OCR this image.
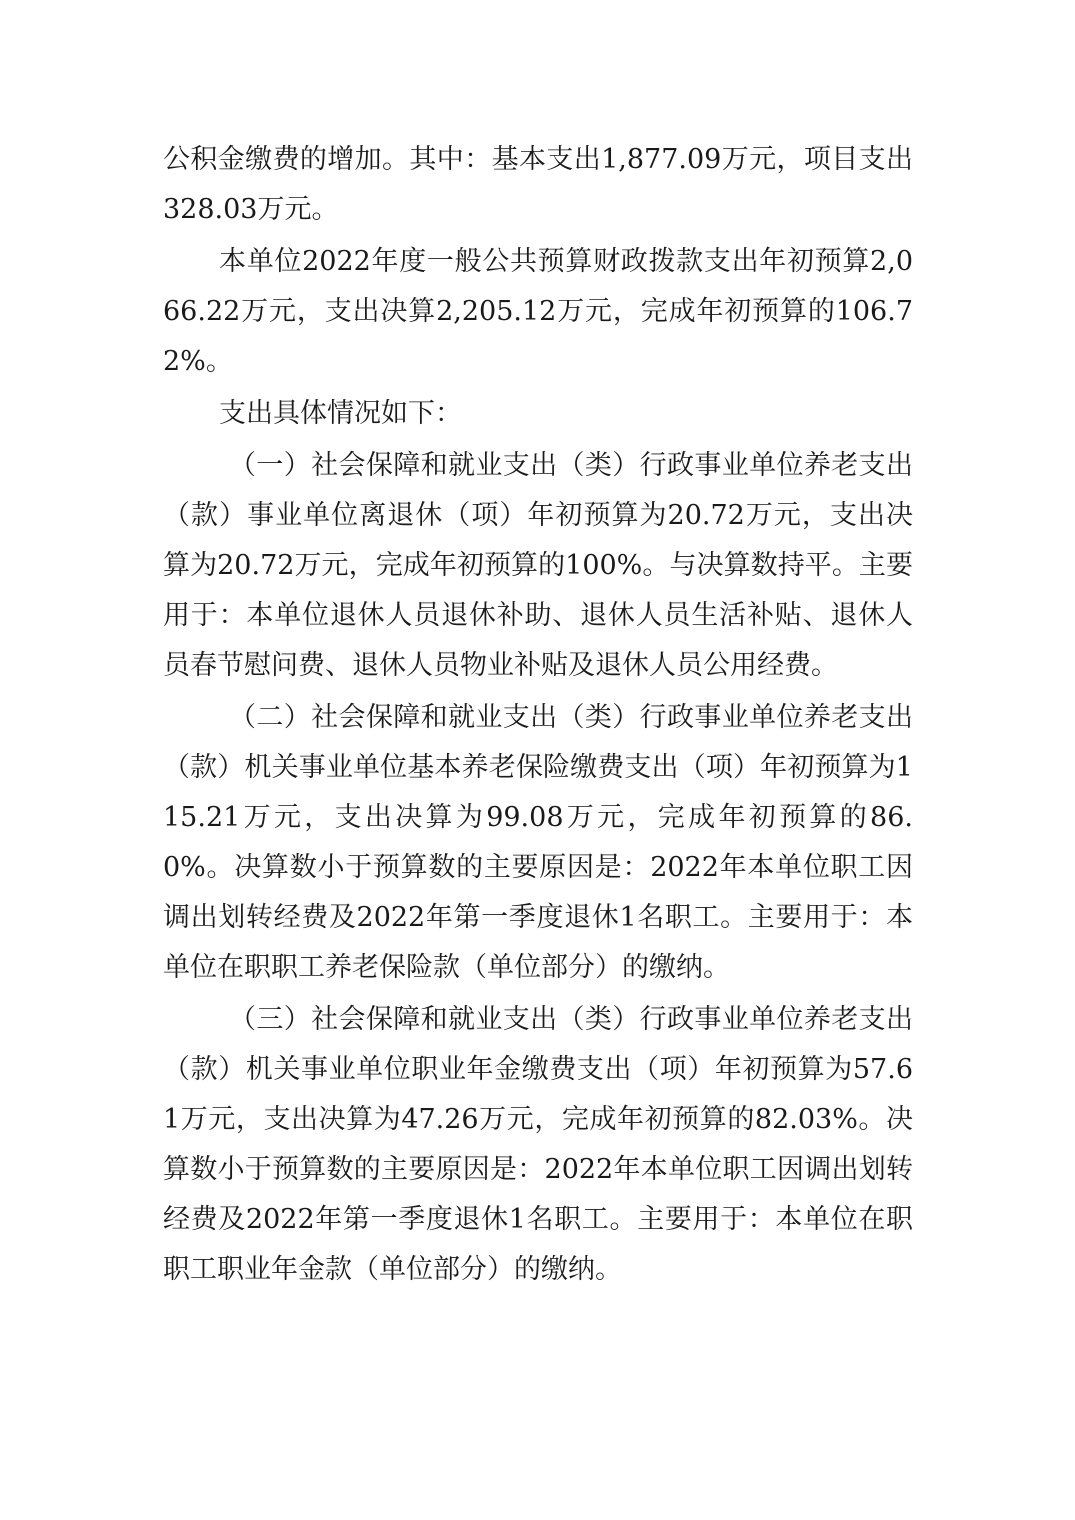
公积金缴费的增加。其中：基本支出1,877.09万元，项目支出328.03万元。

本单位2022年度一般公共预算财政拨款支出年初预算2,066.22万元，支出决算2,205.12万元，完成年初预算的106.72%。

支出具体情况如下：

（一）社会保障和就业支出（类）行政事业单位养老支出（款）事业单位离退休（项）年初预算为20.72万元，支出决算为20.72万元，完成年初预算的100%。与决算数持平。主要用于：本单位退休人员退休补助、退休人员生活补贴、退休人员春节慰问费、退休人员物业补贴及退休人员公用经费。

（二）社会保障和就业支出（类）行政事业单位养老支出（款）机关事业单位基本养老保险缴费支出（项）年初预算为115.21万元，支出决算为99.08万元，完成年初预算的86.0%。决算数小于预算数的主要原因是：2022年本单位职工因调出划转经费及2022年第一季度退休1名职工。主要用于：本单位在职职工养老保险款（单位部分）的缴纳。

（三）社会保障和就业支出（类）行政事业单位养老支出（款）机关事业单位职业年金缴费支出（项）年初预算为57.61万元，支出决算为47.26万元，完成年初预算的82.03%。决算数小于预算数的主要原因是：2022年本单位职工因调出划转经费及2022年第一季度退休1名职工。主要用于：本单位在职职工职业年金款（单位部分）的缴纳。
